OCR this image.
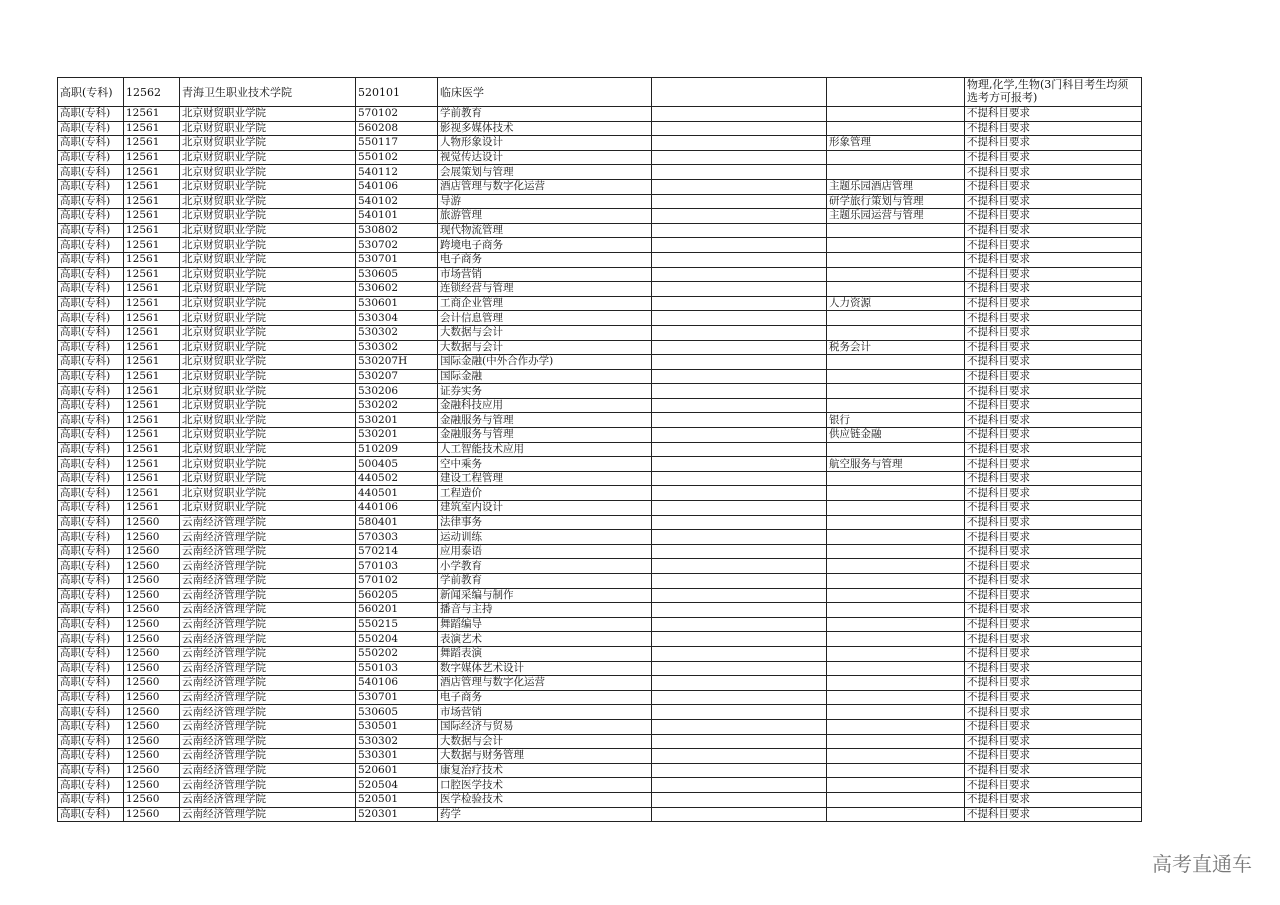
高职(专科)	12562	青海卫生职业技术学院	520101	临床医学			物理,化学,生物(3门科目考生均须选考方可报考)
高职(专科)	12561	北京财贸职业学院	570102	学前教育			不提科目要求
高职(专科)	12561	北京财贸职业学院	560208	影视多媒体技术			不提科目要求
高职(专科)	12561	北京财贸职业学院	550117	人物形象设计		形象管理	不提科目要求
高职(专科)	12561	北京财贸职业学院	550102	视觉传达设计			不提科目要求
高职(专科)	12561	北京财贸职业学院	540112	会展策划与管理			不提科目要求
高职(专科)	12561	北京财贸职业学院	540106	酒店管理与数字化运营		主题乐园酒店管理	不提科目要求
高职(专科)	12561	北京财贸职业学院	540102	导游		研学旅行策划与管理	不提科目要求
高职(专科)	12561	北京财贸职业学院	540101	旅游管理		主题乐园运营与管理	不提科目要求
高职(专科)	12561	北京财贸职业学院	530802	现代物流管理			不提科目要求
高职(专科)	12561	北京财贸职业学院	530702	跨境电子商务			不提科目要求
高职(专科)	12561	北京财贸职业学院	530701	电子商务			不提科目要求
高职(专科)	12561	北京财贸职业学院	530605	市场营销			不提科目要求
高职(专科)	12561	北京财贸职业学院	530602	连锁经营与管理			不提科目要求
高职(专科)	12561	北京财贸职业学院	530601	工商企业管理		人力资源	不提科目要求
高职(专科)	12561	北京财贸职业学院	530304	会计信息管理			不提科目要求
高职(专科)	12561	北京财贸职业学院	530302	大数据与会计			不提科目要求
高职(专科)	12561	北京财贸职业学院	530302	大数据与会计		税务会计	不提科目要求
高职(专科)	12561	北京财贸职业学院	530207H	国际金融(中外合作办学)			不提科目要求
高职(专科)	12561	北京财贸职业学院	530207	国际金融			不提科目要求
高职(专科)	12561	北京财贸职业学院	530206	证券实务			不提科目要求
高职(专科)	12561	北京财贸职业学院	530202	金融科技应用			不提科目要求
高职(专科)	12561	北京财贸职业学院	530201	金融服务与管理		银行	不提科目要求
高职(专科)	12561	北京财贸职业学院	530201	金融服务与管理		供应链金融	不提科目要求
高职(专科)	12561	北京财贸职业学院	510209	人工智能技术应用			不提科目要求
高职(专科)	12561	北京财贸职业学院	500405	空中乘务		航空服务与管理	不提科目要求
高职(专科)	12561	北京财贸职业学院	440502	建设工程管理			不提科目要求
高职(专科)	12561	北京财贸职业学院	440501	工程造价			不提科目要求
高职(专科)	12561	北京财贸职业学院	440106	建筑室内设计			不提科目要求
高职(专科)	12560	云南经济管理学院	580401	法律事务			不提科目要求
高职(专科)	12560	云南经济管理学院	570303	运动训练			不提科目要求
高职(专科)	12560	云南经济管理学院	570214	应用泰语			不提科目要求
高职(专科)	12560	云南经济管理学院	570103	小学教育			不提科目要求
高职(专科)	12560	云南经济管理学院	570102	学前教育			不提科目要求
高职(专科)	12560	云南经济管理学院	560205	新闻采编与制作			不提科目要求
高职(专科)	12560	云南经济管理学院	560201	播音与主持			不提科目要求
高职(专科)	12560	云南经济管理学院	550215	舞蹈编导			不提科目要求
高职(专科)	12560	云南经济管理学院	550204	表演艺术			不提科目要求
高职(专科)	12560	云南经济管理学院	550202	舞蹈表演			不提科目要求
高职(专科)	12560	云南经济管理学院	550103	数字媒体艺术设计			不提科目要求
高职(专科)	12560	云南经济管理学院	540106	酒店管理与数字化运营			不提科目要求
高职(专科)	12560	云南经济管理学院	530701	电子商务			不提科目要求
高职(专科)	12560	云南经济管理学院	530605	市场营销			不提科目要求
高职(专科)	12560	云南经济管理学院	530501	国际经济与贸易			不提科目要求
高职(专科)	12560	云南经济管理学院	530302	大数据与会计			不提科目要求
高职(专科)	12560	云南经济管理学院	530301	大数据与财务管理			不提科目要求
高职(专科)	12560	云南经济管理学院	520601	康复治疗技术			不提科目要求
高职(专科)	12560	云南经济管理学院	520504	口腔医学技术			不提科目要求
高职(专科)	12560	云南经济管理学院	520501	医学检验技术			不提科目要求
高职(专科)	12560	云南经济管理学院	520301	药学			不提科目要求
高考直通车
